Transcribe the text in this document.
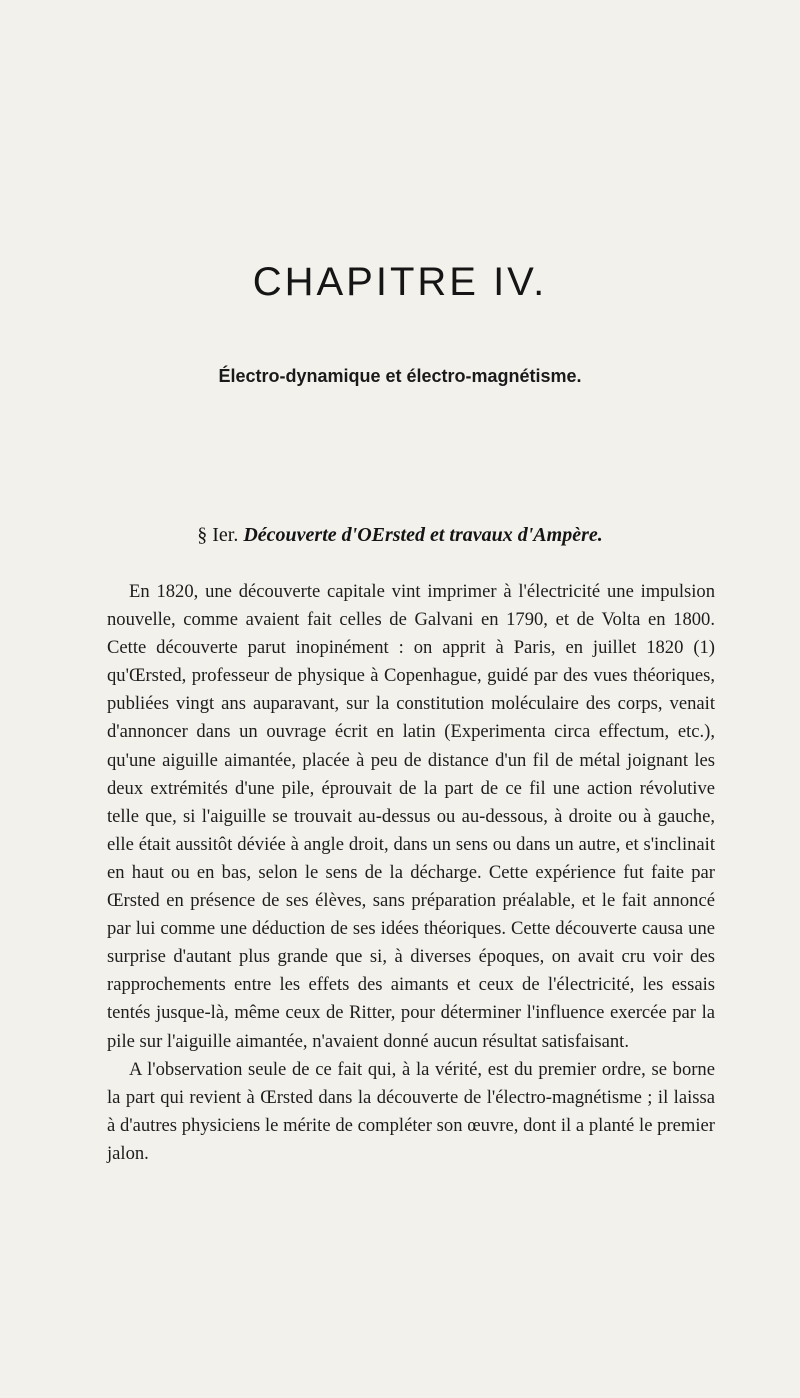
CHAPITRE IV.
Électro-dynamique et électro-magnétisme.
§ Ier. Découverte d'OErsted et travaux d'Ampère.

En 1820, une découverte capitale vint imprimer à l'électricité une impulsion nouvelle, comme avaient fait celles de Galvani en 1790, et de Volta en 1800. Cette découverte parut inopinément : on apprit à Paris, en juillet 1820 (1) qu'Œrsted, professeur de physique à Copenhague, guidé par des vues théoriques, publiées vingt ans auparavant, sur la constitution moléculaire des corps, venait d'annoncer dans un ouvrage écrit en latin (Experimenta circa effectum, etc.), qu'une aiguille aimantée, placée à peu de distance d'un fil de métal joignant les deux extrémités d'une pile, éprouvait de la part de ce fil une action révolutive telle que, si l'aiguille se trouvait au-dessus ou au-dessous, à droite ou à gauche, elle était aussitôt déviée à angle droit, dans un sens ou dans un autre, et s'inclinait en haut ou en bas, selon le sens de la décharge. Cette expérience fut faite par Œrsted en présence de ses élèves, sans préparation préalable, et le fait annoncé par lui comme une déduction de ses idées théoriques. Cette découverte causa une surprise d'autant plus grande que si, à diverses époques, on avait cru voir des rapprochements entre les effets des aimants et ceux de l'électricité, les essais tentés jusque-là, même ceux de Ritter, pour déterminer l'influence exercée par la pile sur l'aiguille aimantée, n'avaient donné aucun résultat satisfaisant.

A l'observation seule de ce fait qui, à la vérité, est du premier ordre, se borne la part qui revient à Œrsted dans la découverte de l'électro-magnétisme ; il laissa à d'autres physiciens le mérite de compléter son œuvre, dont il a planté le premier jalon.
